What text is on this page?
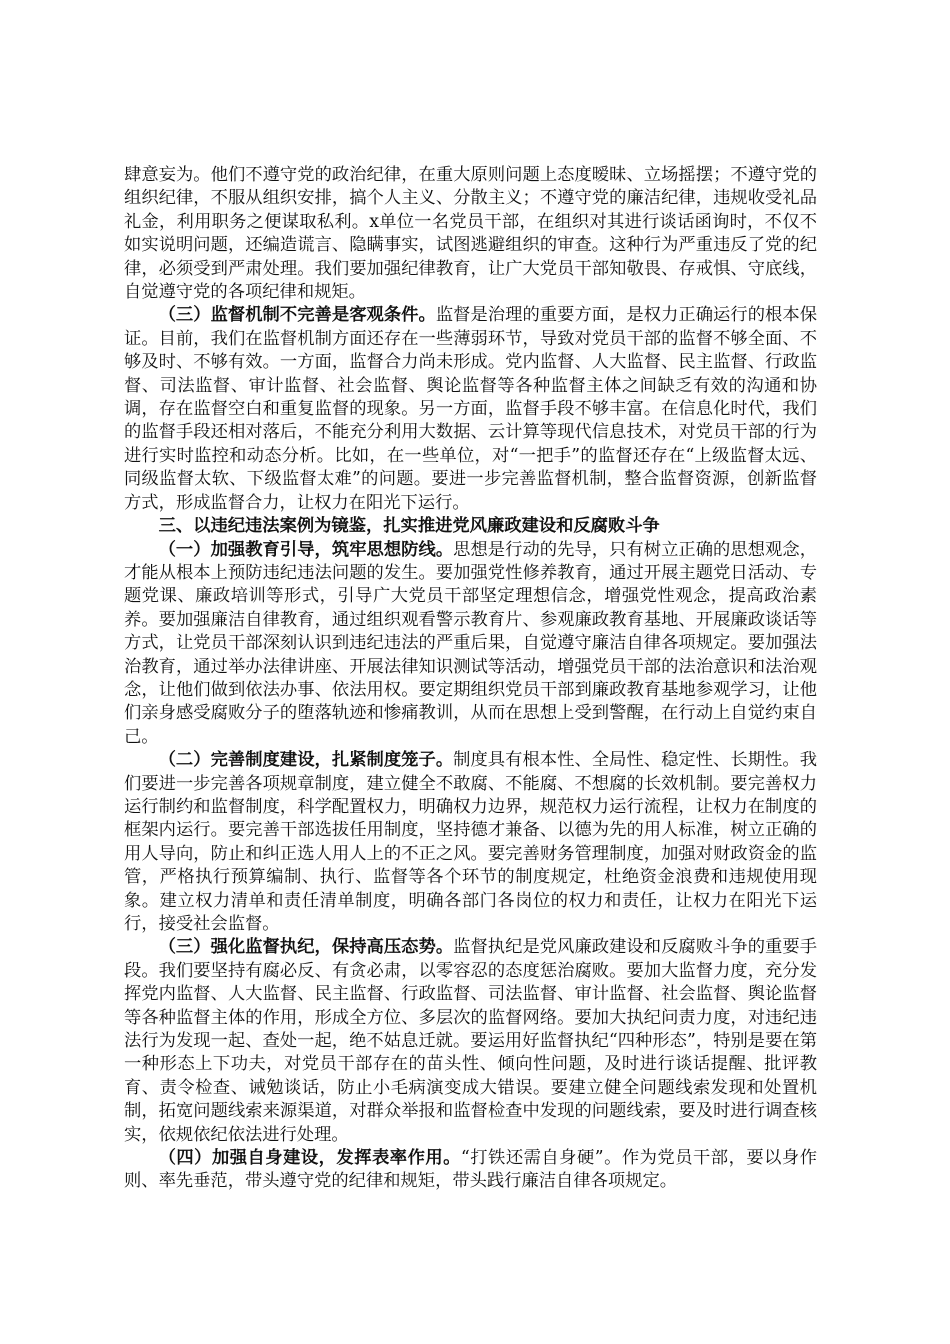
肆意妄为。他们不遵守党的政治纪律，在重大原则问题上态度暧昧、立场摇摆；不遵守党的组织纪律，不服从组织安排，搞个人主义、分散主义；不遵守党的廉洁纪律，违规收受礼品礼金，利用职务之便谋取私利。x单位一名党员干部，在组织对其进行谈话函询时，不仅不如实说明问题，还编造谎言、隐瞒事实，试图逃避组织的审查。这种行为严重违反了党的纪律，必须受到严肃处理。我们要加强纪律教育，让广大党员干部知敬畏、存戒惧、守底线，自觉遵守党的各项纪律和规矩。

（三）监督机制不完善是客观条件。监督是治理的重要方面，是权力正确运行的根本保证。目前，我们在监督机制方面还存在一些薄弱环节，导致对党员干部的监督不够全面、不够及时、不够有效。一方面，监督合力尚未形成。党内监督、人大监督、民主监督、行政监督、司法监督、审计监督、社会监督、舆论监督等各种监督主体之间缺乏有效的沟通和协调，存在监督空白和重复监督的现象。另一方面，监督手段不够丰富。在信息化时代，我们的监督手段还相对落后，不能充分利用大数据、云计算等现代信息技术，对党员干部的行为进行实时监控和动态分析。比如，在一些单位，对“一把手”的监督还存在“上级监督太远、同级监督太软、下级监督太难”的问题。要进一步完善监督机制，整合监督资源，创新监督方式，形成监督合力，让权力在阳光下运行。

三、以违纪违法案例为镜鉴，扎实推进党风廉政建设和反腐败斗争

（一）加强教育引导，筑牢思想防线。思想是行动的先导，只有树立正确的思想观念，才能从根本上预防违纪违法问题的发生。要加强党性修养教育，通过开展主题党日活动、专题党课、廉政培训等形式，引导广大党员干部坚定理想信念，增强党性观念，提高政治素养。要加强廉洁自律教育，通过组织观看警示教育片、参观廉政教育基地、开展廉政谈话等方式，让党员干部深刻认识到违纪违法的严重后果，自觉遵守廉洁自律各项规定。要加强法治教育，通过举办法律讲座、开展法律知识测试等活动，增强党员干部的法治意识和法治观念，让他们做到依法办事、依法用权。要定期组织党员干部到廉政教育基地参观学习，让他们亲身感受腐败分子的堕落轨迹和惨痛教训，从而在思想上受到警醒，在行动上自觉约束自己。

（二）完善制度建设，扎紧制度笼子。制度具有根本性、全局性、稳定性、长期性。我们要进一步完善各项规章制度，建立健全不敢腐、不能腐、不想腐的长效机制。要完善权力运行制约和监督制度，科学配置权力，明确权力边界，规范权力运行流程，让权力在制度的框架内运行。要完善干部选拔任用制度，坚持德才兼备、以德为先的用人标准，树立正确的用人导向，防止和纠正选人用人上的不正之风。要完善财务管理制度，加强对财政资金的监管，严格执行预算编制、执行、监督等各个环节的制度规定，杜绝资金浪费和违规使用现象。建立权力清单和责任清单制度，明确各部门各岗位的权力和责任，让权力在阳光下运行，接受社会监督。

（三）强化监督执纪，保持高压态势。监督执纪是党风廉政建设和反腐败斗争的重要手段。我们要坚持有腐必反、有贪必肃，以零容忍的态度惩治腐败。要加大监督力度，充分发挥党内监督、人大监督、民主监督、行政监督、司法监督、审计监督、社会监督、舆论监督等各种监督主体的作用，形成全方位、多层次的监督网络。要加大执纪问责力度，对违纪违法行为发现一起、查处一起，绝不姑息迁就。要运用好监督执纪“四种形态”，特别是要在第一种形态上下功夫，对党员干部存在的苗头性、倾向性问题，及时进行谈话提醒、批评教育、责令检查、诫勉谈话，防止小毛病演变成大错误。要建立健全问题线索发现和处置机制，拓宽问题线索来源渠道，对群众举报和监督检查中发现的问题线索，要及时进行调查核实，依规依纪依法进行处理。

（四）加强自身建设，发挥表率作用。“打铁还需自身硬”。作为党员干部，要以身作则、率先垂范，带头遵守党的纪律和规矩，带头践行廉洁自律各项规定。
